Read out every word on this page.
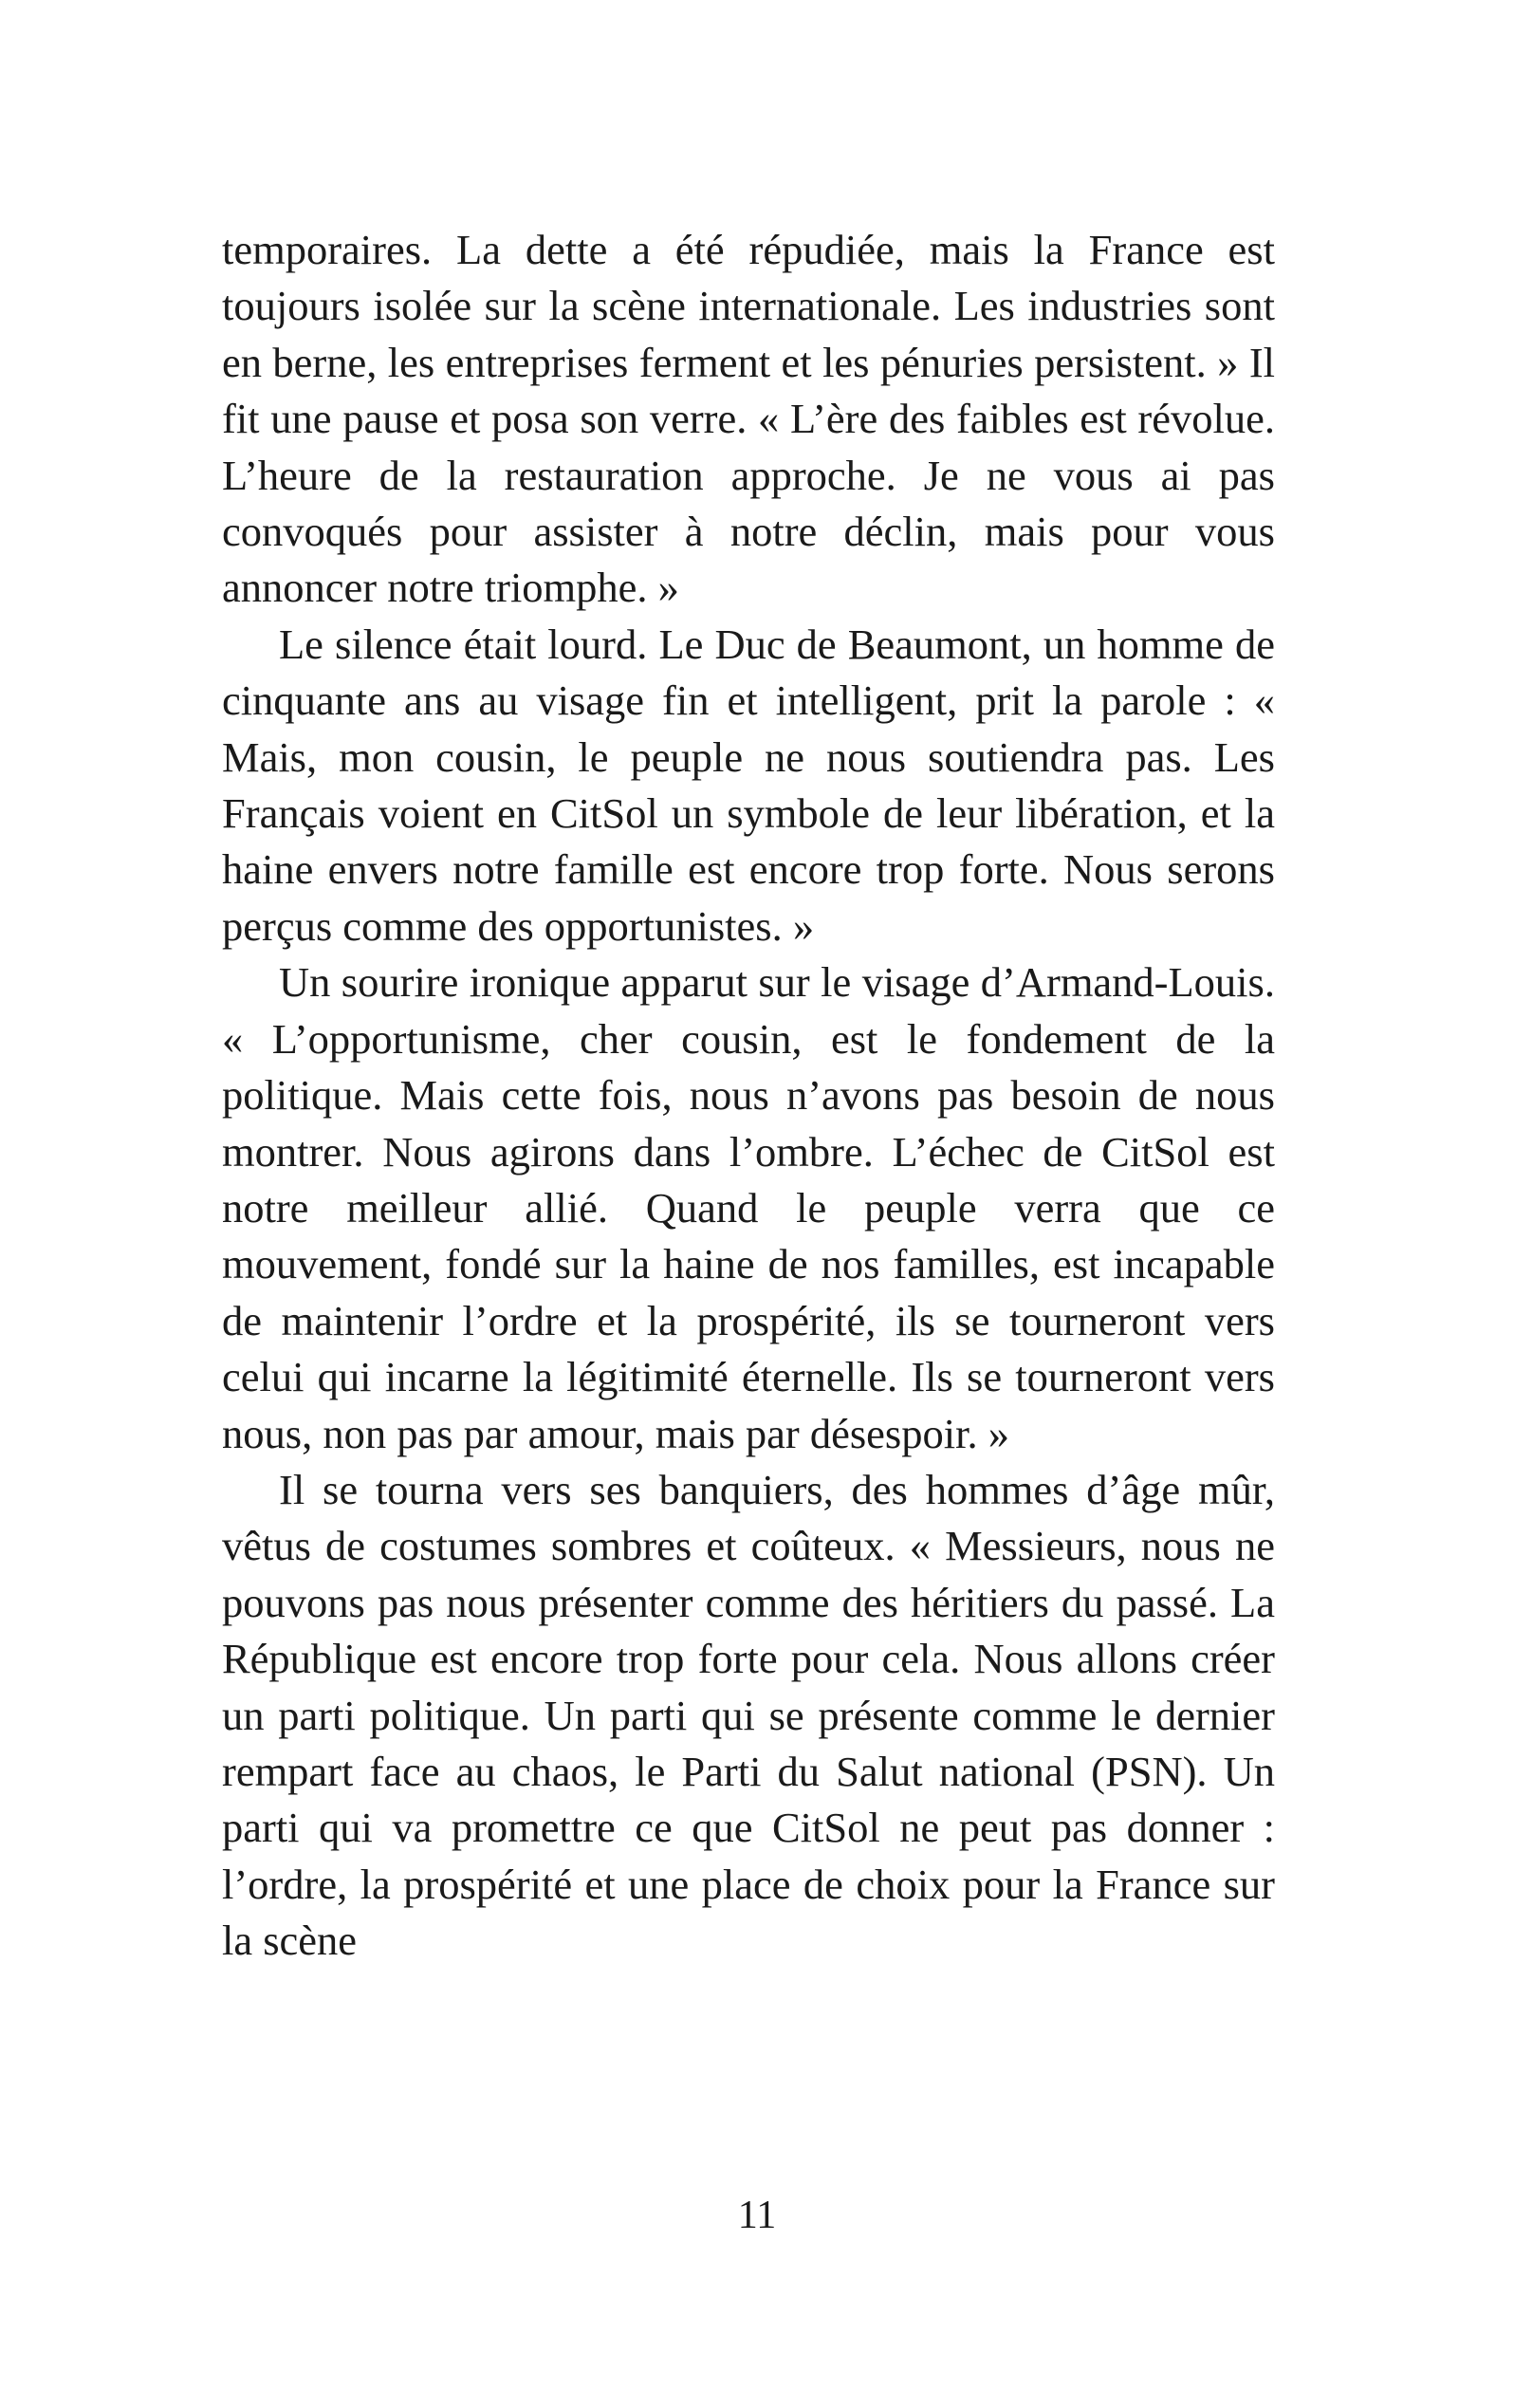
temporaires. La dette a été répudiée, mais la France est toujours isolée sur la scène internationale. Les industries sont en berne, les entreprises ferment et les pénuries persistent. » Il fit une pause et posa son verre. « L’ère des faibles est révolue. L’heure de la restauration approche. Je ne vous ai pas convoqués pour assister à notre déclin, mais pour vous annoncer notre triomphe. »

Le silence était lourd. Le Duc de Beaumont, un homme de cinquante ans au visage fin et intelligent, prit la parole : « Mais, mon cousin, le peuple ne nous soutiendra pas. Les Français voient en CitSol un symbole de leur libération, et la haine envers notre famille est encore trop forte. Nous serons perçus comme des opportunistes. »

Un sourire ironique apparut sur le visage d’Armand-Louis. « L’opportunisme, cher cousin, est le fondement de la politique. Mais cette fois, nous n’avons pas besoin de nous montrer. Nous agirons dans l’ombre. L’échec de CitSol est notre meilleur allié. Quand le peuple verra que ce mouvement, fondé sur la haine de nos familles, est incapable de maintenir l’ordre et la prospérité, ils se tourneront vers celui qui incarne la légitimité éternelle. Ils se tourneront vers nous, non pas par amour, mais par désespoir. »

Il se tourna vers ses banquiers, des hommes d’âge mûr, vêtus de costumes sombres et coûteux. « Messieurs, nous ne pouvons pas nous présenter comme des héritiers du passé. La République est encore trop forte pour cela. Nous allons créer un parti politique. Un parti qui se présente comme le dernier rempart face au chaos, le Parti du Salut national (PSN). Un parti qui va promettre ce que CitSol ne peut pas donner : l’ordre, la prospérité et une place de choix pour la France sur la scène

11
